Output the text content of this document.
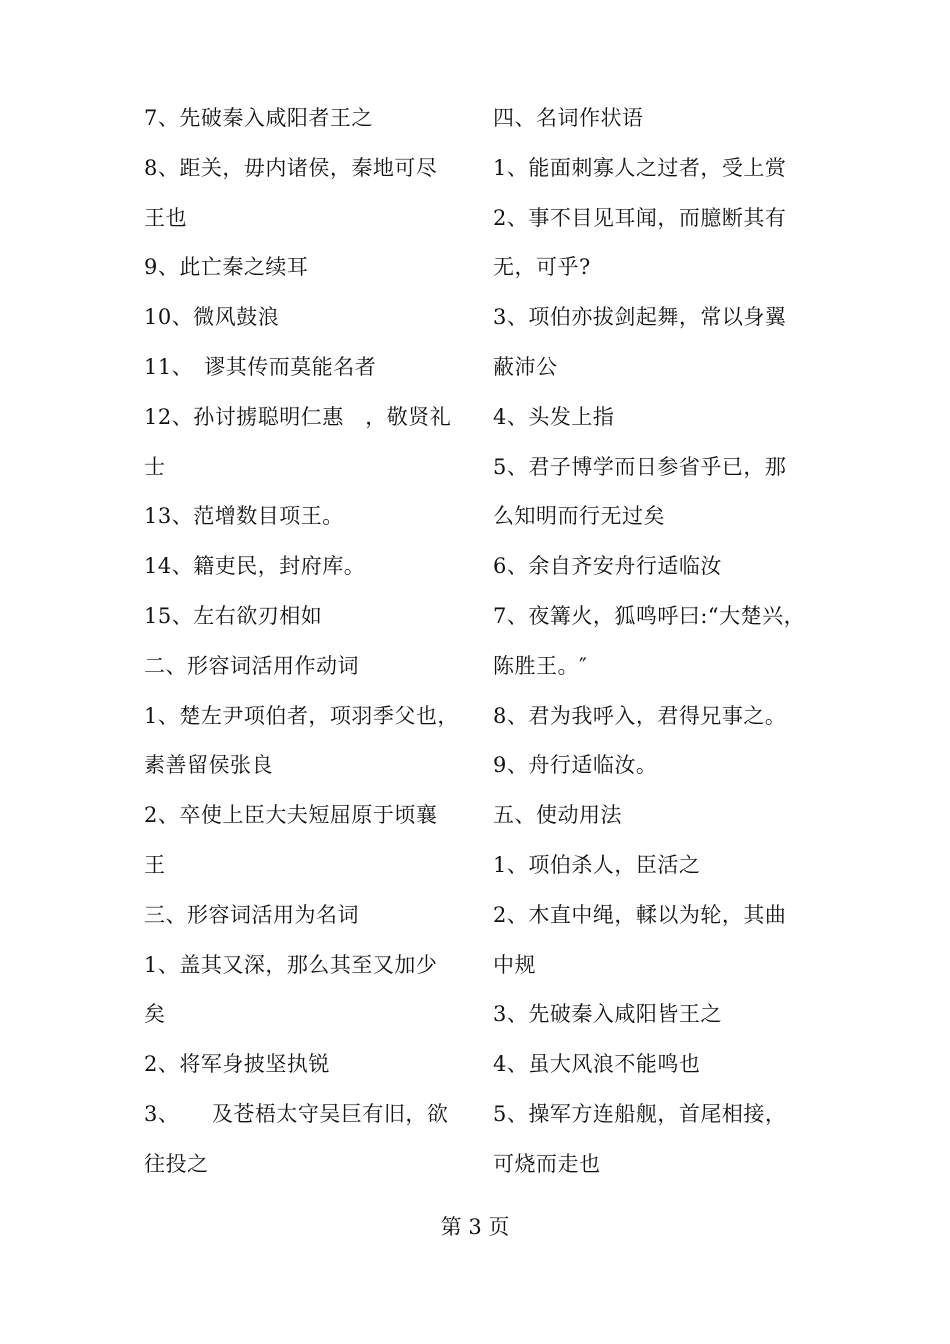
7、先破秦入咸阳者王之
8、距关，毋内诸侯，秦地可尽
王也
9、此亡秦之续耳
10、微风鼓浪
11、　谬其传而莫能名者
12、孙讨掳聪明仁惠　，敬贤礼
士
13、范增数目项王。
14、籍吏民，封府库。
15、左右欲刃相如
二、形容词活用作动词
1、楚左尹项伯者，项羽季父也，
素善留侯张良
2、卒使上臣大夫短屈原于顷襄
王
三、形容词活用为名词
1、盖其又深，那么其至又加少
矣
2、将军身披坚执锐
3、　　及苍梧太守吴巨有旧，欲
往投之
四、名词作状语
1、能面刺寡人之过者，受上赏
2、事不目见耳闻，而臆断其有
无，可乎?
3、项伯亦拔剑起舞，常以身翼
蔽沛公
4、头发上指
5、君子博学而日参省乎已，那
么知明而行无过矣
6、余自齐安舟行适临汝
7、夜篝火，狐鸣呼曰:“大楚兴，
陈胜王。″
8、君为我呼入，君得兄事之。
9、舟行适临汝。
五、使动用法
1、项伯杀人，臣活之
2、木直中绳，輮以为轮，其曲
中规
3、先破秦入咸阳皆王之
4、虽大风浪不能鸣也
5、操军方连船舰，首尾相接，
可烧而走也
第 3 页
